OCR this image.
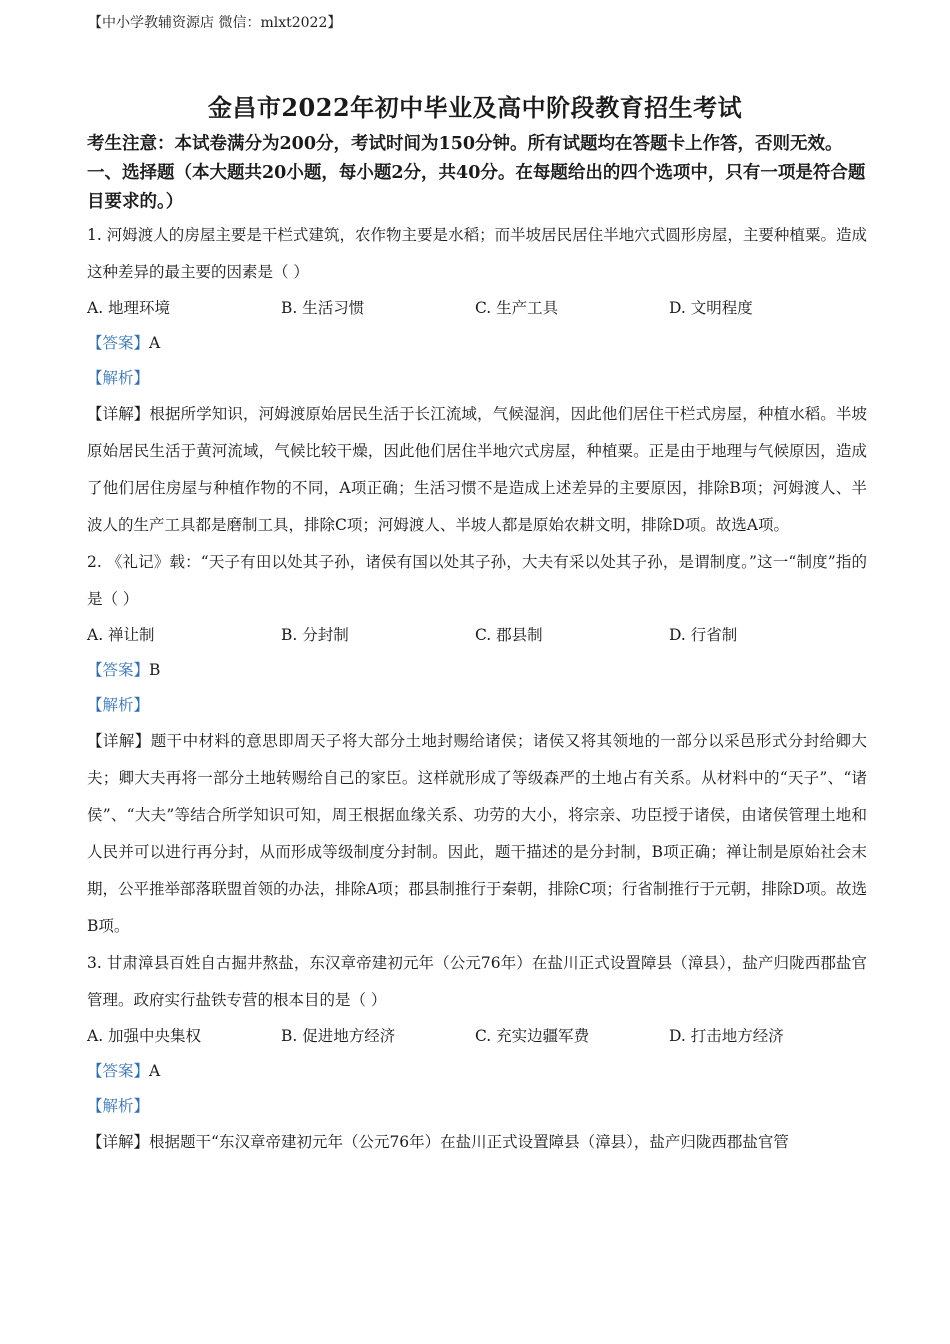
【中小学教辅资源店 微信：mlxt2022】
金昌市2022年初中毕业及高中阶段教育招生考试

考生注意：本试卷满分为200分，考试时间为150分钟。所有试题均在答题卡上作答，否则无效。

一、选择题（本大题共20小题，每小题2分，共40分。在每题给出的四个选项中，只有一项是符合题目要求的。）

1. 河姆渡人的房屋主要是干栏式建筑，农作物主要是水稻；而半坡居民居住半地穴式圆形房屋，主要种植粟。造成这种差异的最主要的因素是（ ）

A. 地理环境	B. 生活习惯	C. 生产工具	D. 文明程度
【答案】A
【解析】

【详解】根据所学知识，河姆渡原始居民生活于长江流域，气候湿润，因此他们居住干栏式房屋，种植水稻。半坡原始居民生活于黄河流域，气候比较干燥，因此他们居住半地穴式房屋，种植粟。正是由于地理与气候原因，造成了他们居住房屋与种植作物的不同，A项正确；生活习惯不是造成上述差异的主要原因，排除B项；河姆渡人、半波人的生产工具都是磨制工具，排除C项；河姆渡人、半坡人都是原始农耕文明，排除D项。故选A项。

2. 《礼记》载：“天子有田以处其子孙，诸侯有国以处其子孙，大夫有采以处其子孙，是谓制度。”这一“制度”指的是（ ）

A. 禅让制	B. 分封制	C. 郡县制	D. 行省制
【答案】B
【解析】

【详解】题干中材料的意思即周天子将大部分土地封赐给诸侯；诸侯又将其领地的一部分以采邑形式分封给卿大夫；卿大夫再将一部分土地转赐给自己的家臣。这样就形成了等级森严的土地占有关系。从材料中的“天子”、“诸侯”、“大夫”等结合所学知识可知，周王根据血缘关系、功劳的大小，将宗亲、功臣授于诸侯，由诸侯管理土地和人民并可以进行再分封，从而形成等级制度分封制。因此，题干描述的是分封制，B项正确；禅让制是原始社会末期，公平推举部落联盟首领的办法，排除A项；郡县制推行于秦朝，排除C项；行省制推行于元朝，排除D项。故选B项。

3. 甘肃漳县百姓自古掘井熬盐，东汉章帝建初元年（公元76年）在盐川正式设置障县（漳县），盐产归陇西郡盐官管理。政府实行盐铁专营的根本目的是（ ）

A. 加强中央集权	B. 促进地方经济	C. 充实边疆军费	D. 打击地方经济
【答案】A
【解析】

【详解】根据题干“东汉章帝建初元年（公元76年）在盐川正式设置障县（漳县），盐产归陇西郡盐官管
